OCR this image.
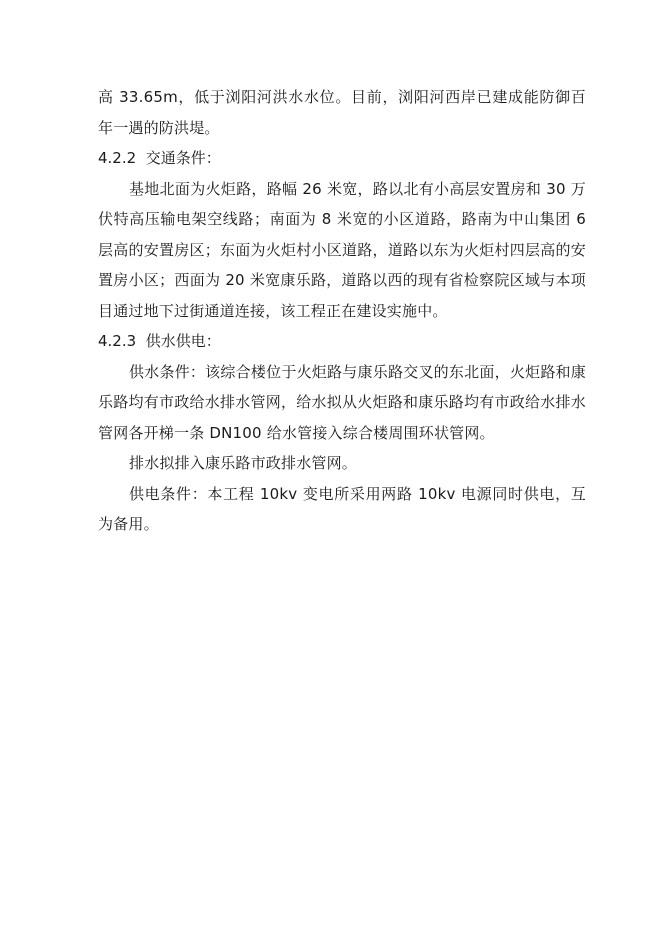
高 33.65m，低于浏阳河洪水水位。目前，浏阳河西岸已建成能防御百年一遇的防洪堤。

4.2.2  交通条件：

基地北面为火炬路，路幅 26 米宽，路以北有小高层安置房和 30 万伏特高压输电架空线路；南面为 8 米宽的小区道路，路南为中山集团 6 层高的安置房区；东面为火炬村小区道路，道路以东为火炬村四层高的安置房小区；西面为 20 米宽康乐路，道路以西的现有省检察院区域与本项目通过地下过街通道连接，该工程正在建设实施中。

4.2.3  供水供电：

供水条件：该综合楼位于火炬路与康乐路交叉的东北面，火炬路和康乐路均有市政给水排水管网，给水拟从火炬路和康乐路均有市政给水排水管网各开梯一条 DN100 给水管接入综合楼周围环状管网。

排水拟排入康乐路市政排水管网。

供电条件：本工程 10kv 变电所采用两路 10kv 电源同时供电，互为备用。
